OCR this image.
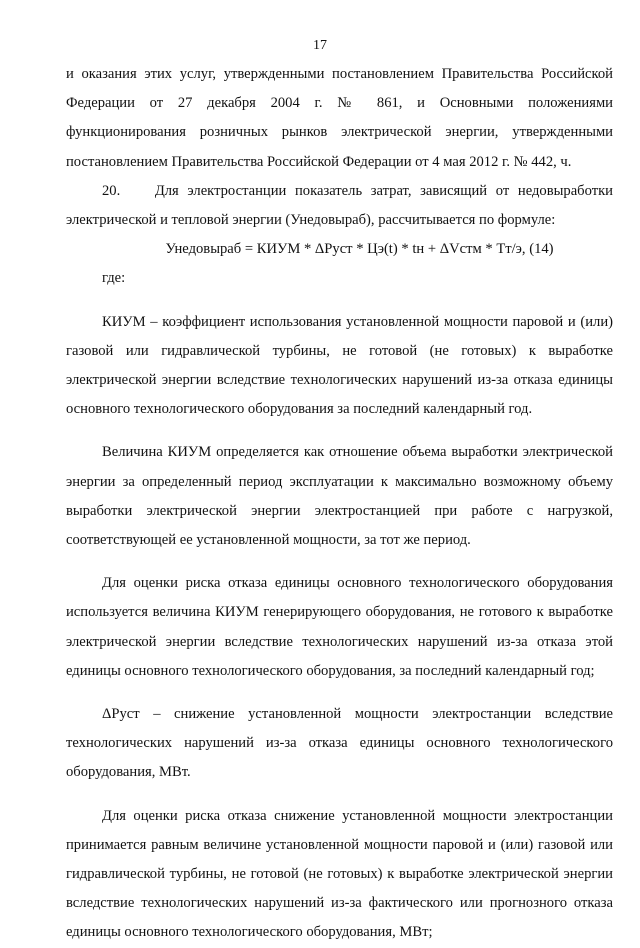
17

и оказания этих услуг, утвержденными постановлением Правительства Российской Федерации от 27 декабря 2004 г. № 861, и Основными положениями функционирования розничных рынков электрической энергии, утвержденными постановлением Правительства Российской Федерации от 4 мая 2012 г. № 442, ч.

20.    Для электростанции показатель затрат, зависящий от недовыработки электрической и тепловой энергии (Унедовыраб), рассчитывается по формуле:

Унедовыраб = КИУМ * ΔРуст * Цэ(t) * tн + ΔVстм * Тт/э, (14)

где:

КИУМ – коэффициент использования установленной мощности паровой и (или) газовой или гидравлической турбины, не готовой (не готовых) к выработке электрической энергии вследствие технологических нарушений из-за отказа единицы основного технологического оборудования за последний календарный год.

Величина КИУМ определяется как отношение объема выработки электрической энергии за определенный период эксплуатации к максимально возможному объему выработки электрической энергии электростанцией при работе с нагрузкой, соответствующей ее установленной мощности, за тот же период.

Для оценки риска отказа единицы основного технологического оборудования используется величина КИУМ генерирующего оборудования, не готового к выработке электрической энергии вследствие технологических нарушений из-за отказа этой единицы основного технологического оборудования, за последний календарный год;

ΔРуст – снижение установленной мощности электростанции вследствие технологических нарушений из-за отказа единицы основного технологического оборудования, МВт.

Для оценки риска отказа снижение установленной мощности электростанции принимается равным величине установленной мощности паровой и (или) газовой или гидравлической турбины, не готовой (не готовых) к выработке электрической энергии вследствие технологических нарушений из-за фактического или прогнозного отказа единицы основного технологического оборудования, МВт;
